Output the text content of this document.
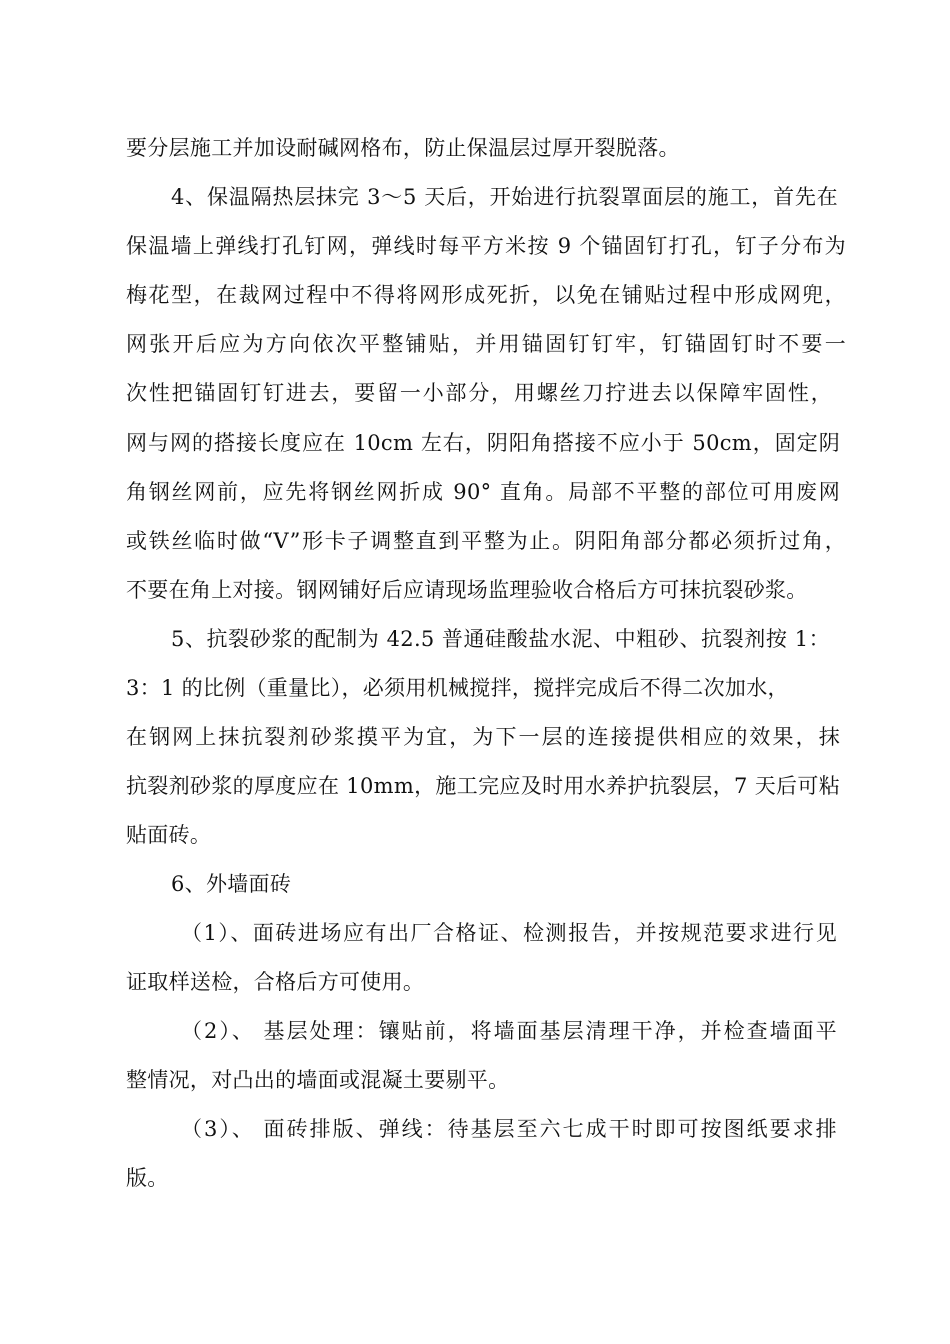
要分层施工并加设耐碱网格布，防止保温层过厚开裂脱落。
4、保温隔热层抹完 3～5 天后，开始进行抗裂罩面层的施工，首先在
保温墙上弹线打孔钉网，弹线时每平方米按 9 个锚固钉打孔，钉子分布为
梅花型，在裁网过程中不得将网形成死折，以免在铺贴过程中形成网兜，
网张开后应为方向依次平整铺贴，并用锚固钉钉牢，钉锚固钉时不要一
次性把锚固钉钉进去，要留一小部分，用螺丝刀拧进去以保障牢固性，
网与网的搭接长度应在 10cm 左右，阴阳角搭接不应小于 50cm，固定阴
角钢丝网前，应先将钢丝网折成 90° 直角。局部不平整的部位可用废网
或铁丝临时做“V”形卡子调整直到平整为止。阴阳角部分都必须折过角，
不要在角上对接。钢网铺好后应请现场监理验收合格后方可抹抗裂砂浆。
5、抗裂砂浆的配制为 42.5 普通硅酸盐水泥、中粗砂、抗裂剂按 1：
3：1 的比例（重量比），必须用机械搅拌，搅拌完成后不得二次加水，
在钢网上抹抗裂剂砂浆摸平为宜，为下一层的连接提供相应的效果，抹
抗裂剂砂浆的厚度应在 10mm，施工完应及时用水养护抗裂层，7 天后可粘
贴面砖。
6、外墙面砖
（1）、面砖进场应有出厂合格证、检测报告，并按规范要求进行见
证取样送检，合格后方可使用。
（2）、 基层处理：镶贴前，将墙面基层清理干净，并检查墙面平
整情况，对凸出的墙面或混凝土要剔平。
（3）、 面砖排版、弹线：待基层至六七成干时即可按图纸要求排
版。
